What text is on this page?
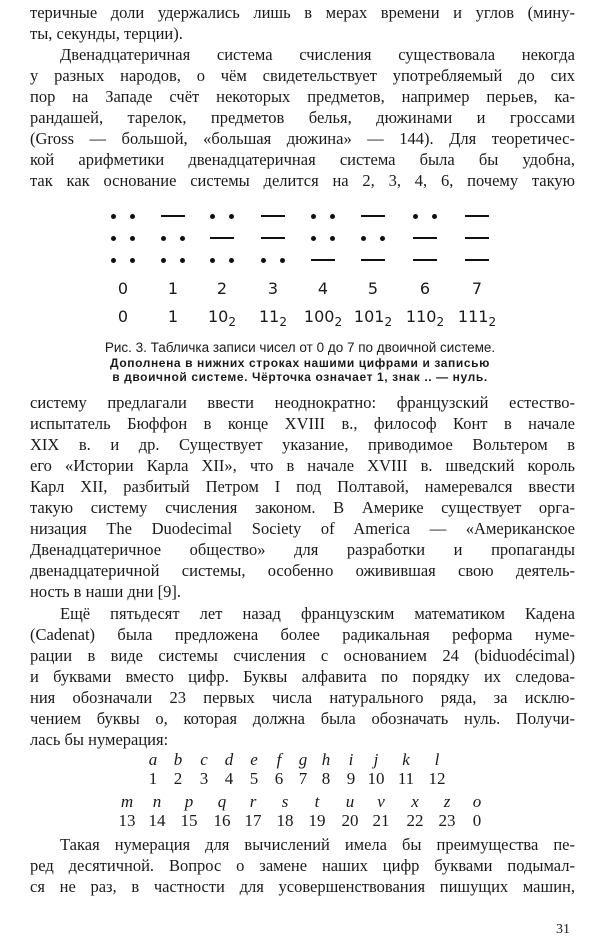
теричные доли удержались лишь в мерах времени и углов (мину-
ты, секунды, терции).
Двенадцатеричная система счисления существовала некогда
у разных народов, о чём свидетельствует употребляемый до сих
пор на Западе счёт некоторых предметов, например перьев, ка-
рандашей, тарелок, предметов белья, дюжинами и гроссами
(Gross — большой, «большая дюжина» — 144). Для теоретичес-
кой арифметики двенадцатеричная система была бы удобна,
так как основание системы делится на 2, 3, 4, 6, почему такую
0
0
1
1
2
$10_2$
3
$11_2$
4
$100_2$
5
$101_2$
6
$110_2$
7
$111_2$
Рис. 3. Табличка записи чисел от 0 до 7 по двоичной системе.
Дополнена в нижних строках нашими цифрами и записью
в двоичной системе. Чёрточка означает 1, знак .. — нуль.
систему предлагали ввести неоднократно: французский естество-
испытатель Бюффон в конце XVIII в., философ Конт в начале
XIX в. и др. Существует указание, приводимое Вольтером в
его «Истории Карла XII», что в начале XVIII в. шведский король
Карл XII, разбитый Петром I под Полтавой, намеревался ввести
такую систему счисления законом. В Америке существует орга-
низация The Duodecimal Society of America — «Американское
Двенадцатеричное общество» для разработки и пропаганды
двенадцатеричной системы, особенно оживившая свою деятель-
ность в наши дни [9].
Ещё пятьдесят лет назад французским математиком Кадена
(Cadenat) была предложена более радикальная реформа нуме-
рации в виде системы счисления с основанием 24 (biduodécimal)
и буквами вместо цифр. Буквы алфавита по порядку их следова-
ния обозначали 23 первых числа натурального ряда, за исклю-
чением буквы o, которая должна была обозначать нуль. Получи-
лась бы нумерация:
a
1
b
2
c
3
d
4
e
5
f
6
g
7
h
8
i
9
j
10
k
11
l
12
m
13
n
14
p
15
q
16
r
17
s
18
t
19
u
20
v
21
x
22
z
23
o
0
Такая нумерация для вычислений имела бы преимущества пе-
ред десятичной. Вопрос о замене наших цифр буквами подымал-
ся не раз, в частности для усовершенствования пишущих машин,
31
